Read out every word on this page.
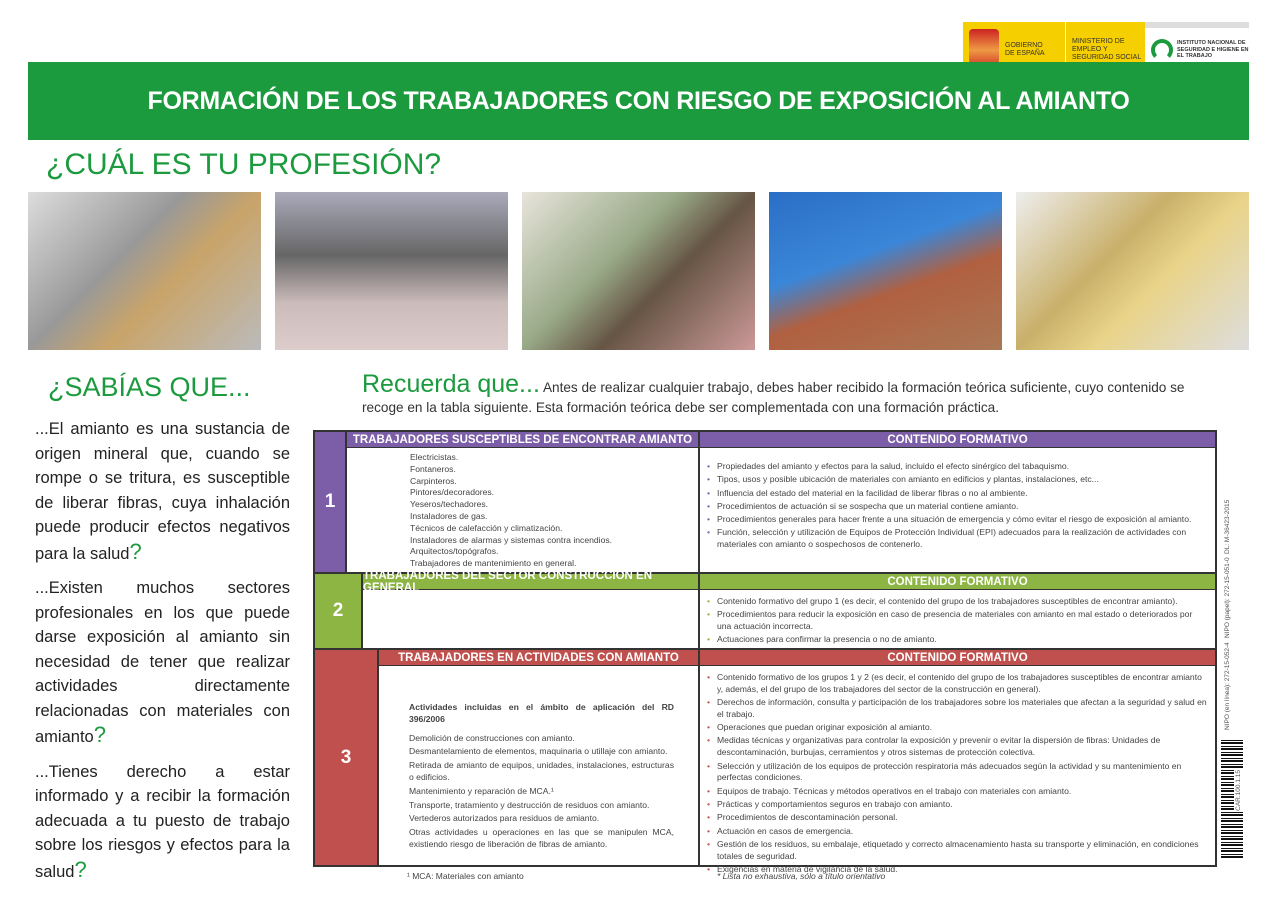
GOBIERNO DE ESPAÑA
MINISTERIO DE EMPLEO Y SEGURIDAD SOCIAL
INSTITUTO NACIONAL DE SEGURIDAD E HIGIENE EN EL TRABAJO
FORMACIÓN DE LOS TRABAJADORES CON RIESGO DE EXPOSICIÓN AL AMIANTO
¿CUÁL ES TU PROFESIÓN?
¿SABÍAS QUE...

...El amianto es una sustancia de origen mineral que, cuando se rompe o se tritura, es susceptible de liberar fibras, cuya inhalación puede producir efectos negativos para la salud?

...Existen muchos sectores profesionales en los que puede darse exposición al amianto sin necesidad de tener que realizar actividades directamente relacionadas con materiales con amianto?

...Tienes derecho a estar informado y a recibir la formación adecuada a tu puesto de trabajo sobre los riesgos y efectos para la salud?

Recuerda que... Antes de realizar cualquier trabajo, debes haber recibido la formación teórica suficiente, cuyo contenido se recoge en la tabla siguiente. Esta formación teórica debe ser complementada con una formación práctica.
1
TRABAJADORES SUSCEPTIBLES DE ENCONTRAR AMIANTO	CONTENIDO FORMATIVO
Electricistas.
Fontaneros.
Carpinteros.
Pintores/decoradores.
Yeseros/techadores.
Instaladores de gas.
Técnicos de calefacción y climatización.
Instaladores de alarmas y sistemas contra incendios.
Arquitectos/topógrafos.
Trabajadores de mantenimiento en general.
• Propiedades del amianto y efectos para la salud, incluido el efecto sinérgico del tabaquismo.
• Tipos, usos y posible ubicación de materiales con amianto en edificios y plantas, instalaciones, etc...
• Influencia del estado del material en la facilidad de liberar fibras o no al ambiente.
• Procedimientos de actuación si se sospecha que un material contiene amianto.
• Procedimientos generales para hacer frente a una situación de emergencia y cómo evitar el riesgo de exposición al amianto.
• Función, selección y utilización de Equipos de Protección Individual (EPI) adecuados para la realización de actividades con materiales con amianto o sospechosos de contenerlo.
2
TRABAJADORES DEL SECTOR CONSTRUCCIÓN EN GENERAL	CONTENIDO FORMATIVO
• Contenido formativo del grupo 1 (es decir, el contenido del grupo de los trabajadores susceptibles de encontrar amianto).
• Procedimientos para reducir la exposición en caso de presencia de materiales con amianto en mal estado o deteriorados por una actuación incorrecta.
• Actuaciones para confirmar la presencia o no de amianto.
3
TRABAJADORES EN ACTIVIDADES CON AMIANTO	CONTENIDO FORMATIVO
Actividades incluidas en el ámbito de aplicación del RD 396/2006
Demolición de construcciones con amianto.
Desmantelamiento de elementos, maquinaria o utillaje con amianto.
Retirada de amianto de equipos, unidades, instalaciones, estructuras o edificios.
Mantenimiento y reparación de MCA.¹
Transporte, tratamiento y destrucción de residuos con amianto.
Vertederos autorizados para residuos de amianto.
Otras actividades u operaciones en las que se manipulen MCA, existiendo riesgo de liberación de fibras de amianto.
• Contenido formativo de los grupos 1 y 2 (es decir, el contenido del grupo de los trabajadores susceptibles de encontrar amianto y, además, el del grupo de los trabajadores del sector de la construcción en general).
• Derechos de información, consulta y participación de los trabajadores sobre los materiales que afectan a la seguridad y salud en el trabajo.
• Operaciones que puedan originar exposición al amianto.
• Medidas técnicas y organizativas para controlar la exposición y prevenir o evitar la dispersión de fibras: Unidades de descontaminación, burbujas, cerramientos y otros sistemas de protección colectiva.
• Selección y utilización de los equipos de protección respiratoria más adecuados según la actividad y su mantenimiento en perfectas condiciones.
• Equipos de trabajo. Técnicas y métodos operativos en el trabajo con materiales con amianto.
• Prácticas y comportamientos seguros en trabajo con amianto.
• Procedimientos de descontaminación personal.
• Actuación en casos de emergencia.
• Gestión de los residuos, su embalaje, etiquetado y correcto almacenamiento hasta su transporte y eliminación, en condiciones totales de seguridad.
• Exigencias en materia de vigilancia de la salud.
¹ MCA: Materiales con amianto	* Lista no exhaustiva, sólo a título orientativo
NIPO (en línea): 272-15-052-4
NIPO (papel): 272-15-051-0
DL: M-36423-2015
CAR.100.1.15
